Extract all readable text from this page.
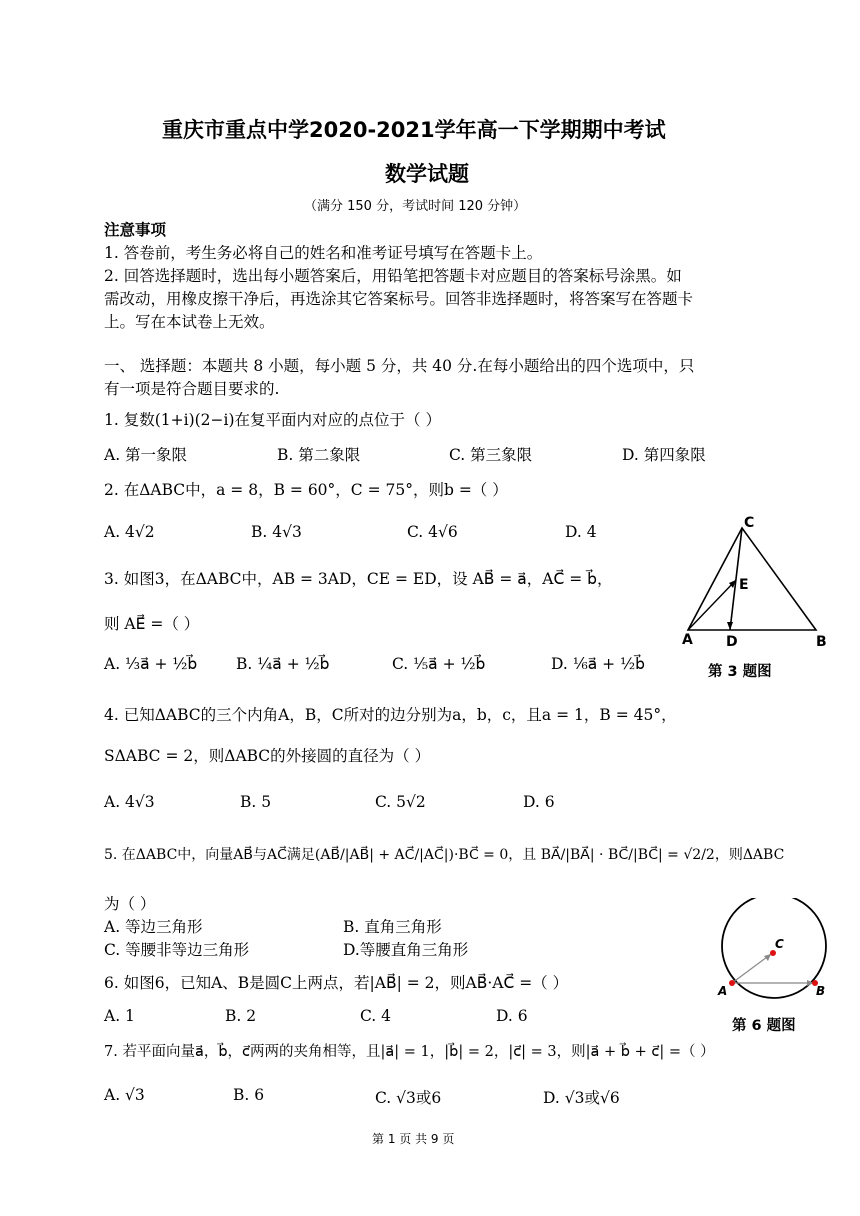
重庆市重点中学2020-2021学年高一下学期期中考试
数学试题
（满分 150 分，考试时间 120 分钟）
注意事项
1. 答卷前，考生务必将自己的姓名和准考证号填写在答题卡上。
2. 回答选择题时，选出每小题答案后，用铅笔把答题卡对应题目的答案标号涂黑。如
需改动，用橡皮擦干净后，再选涂其它答案标号。回答非选择题时，将答案写在答题卡
上。写在本试卷上无效。
一、 选择题：本题共 8 小题，每小题 5 分，共 40 分.在每小题给出的四个选项中，只
有一项是符合题目要求的.
1. 复数(1+i)(2−i)在复平面内对应的点位于（ ）
A. 第一象限	B. 第二象限	C. 第三象限	D. 第四象限
2. 在ΔABC中，a = 8，B = 60°，C = 75°，则b =（ ）
A. 4√2	B. 4√3	C. 4√6	D. 4
3. 如图3，在ΔABC中，AB = 3AD，CE = ED，设 AB⃗ = a⃗，AC⃗ = b⃗，
则 AE⃗ =（ ）
A. ⅓a⃗ + ½b⃗ B. ¼a⃗ + ½b⃗	C. ⅕a⃗ + ½b⃗	D. ⅙a⃗ + ½b⃗
C
E
A D	B
第 3 题图
4. 已知ΔABC的三个内角A，B，C所对的边分别为a，b，c，且a = 1，B = 45°，
SΔABC = 2，则ΔABC的外接圆的直径为（ ）
A. 4√3	B. 5	C. 5√2	D. 6
5. 在ΔABC中，向量AB⃗与AC⃗满足(AB⃗/|AB⃗| + AC⃗/|AC⃗|)·BC⃗ = 0，且 BA⃗/|BA⃗| · BC⃗/|BC⃗| = √2/2，则ΔABC
为（ ）
A. 等边三角形	B. 直角三角形
C. 等腰非等边三角形	D.等腰直角三角形
6. 如图6，已知A、B是圆C上两点，若|AB⃗| = 2，则AB⃗·AC⃗ =（ ）
A. 1	B. 2	C. 4	D. 6
C
A	B
第 6 题图
7. 若平面向量a⃗，b⃗，c⃗两两的夹角相等，且|a⃗| = 1，|b⃗| = 2，|c⃗| = 3，则|a⃗ + b⃗ + c⃗| =（ ）
A. √3	B. 6	C. √3或6	D. √3或√6
第 1 页 共 9 页
